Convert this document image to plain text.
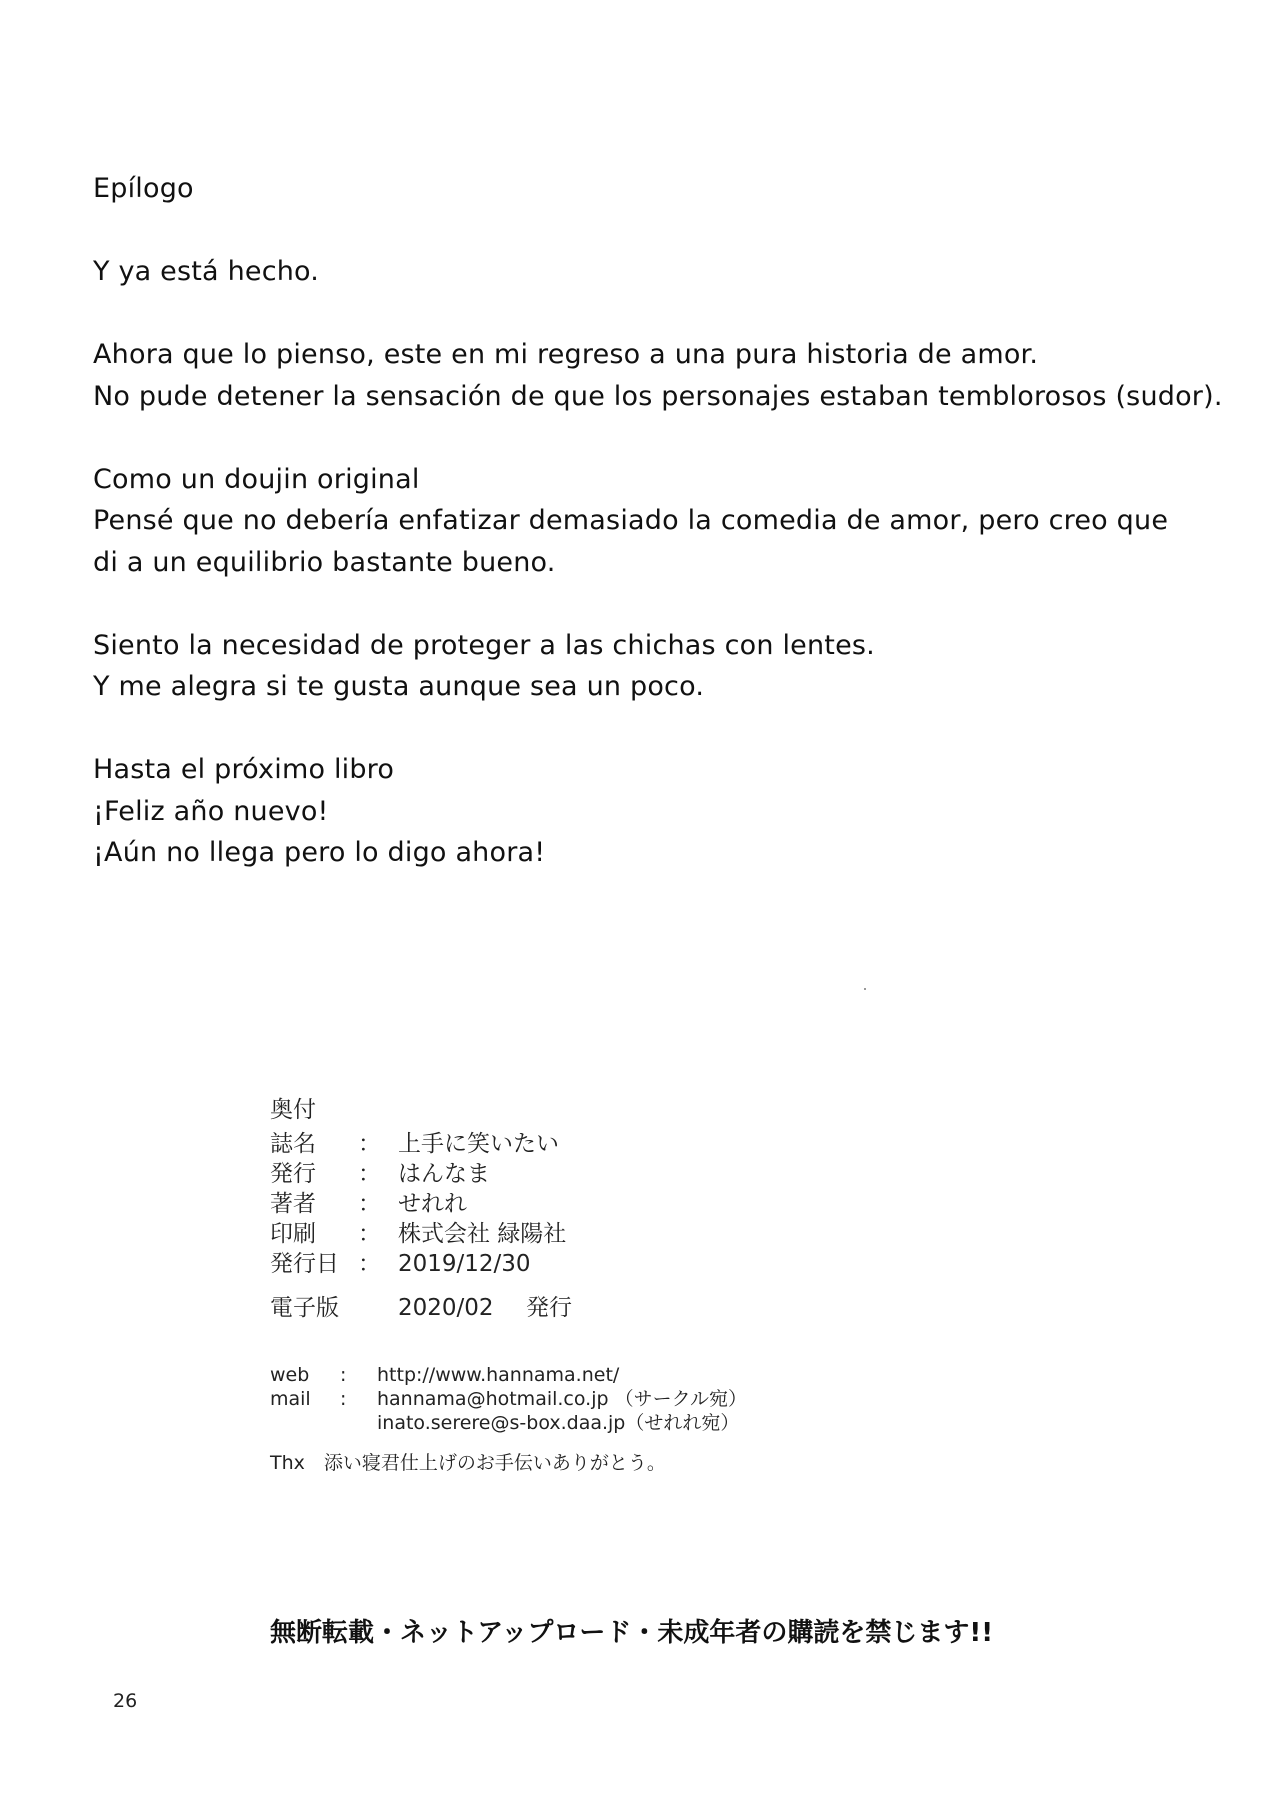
Epílogo

Y ya está hecho.

Ahora que lo pienso, este en mi regreso a una pura historia de amor.
No pude detener la sensación de que los personajes estaban temblorosos (sudor).

Como un doujin original
Pensé que no debería enfatizar demasiado la comedia de amor, pero creo que
di a un equilibrio bastante bueno.

Siento la necesidad de proteger a las chichas con lentes.
Y me alegra si te gusta aunque sea un poco.

Hasta el próximo libro
¡Feliz año nuevo!
¡Aún no llega pero lo digo ahora!

奥付
誌名	： 上手に笑いたい
発行	： はんなま
著者	： せれれ
印刷	： 株式会社 緑陽社
発行日 ： 2019/12/30
電子版	2020/02	発行
web	:	http://www.hannama.net/
mail	:	hannama@hotmail.co.jp （サークル宛）
inato.serere@s-box.daa.jp（せれれ宛）
Thx　添い寝君仕上げのお手伝いありがとう。
無断転載・ネットアップロード・未成年者の購読を禁じます!!
26
